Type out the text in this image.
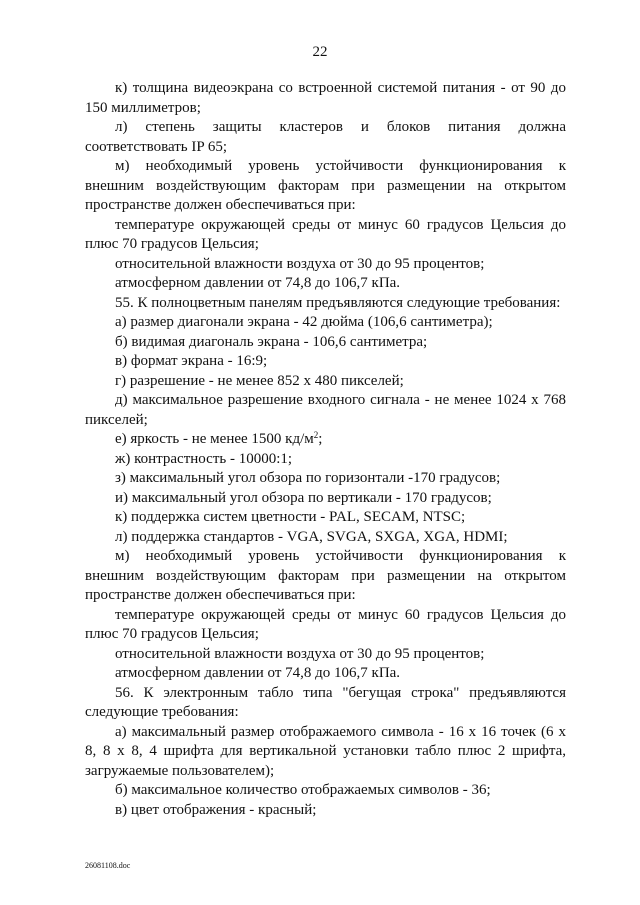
22

к) толщина видеоэкрана со встроенной системой питания - от 90 до 150 миллиметров;

л) степень защиты кластеров и блоков питания должна соответствовать IP 65;

м) необходимый уровень устойчивости функционирования к внешним воздействующим факторам при размещении на открытом пространстве должен обеспечиваться при:

температуре окружающей среды от минус 60 градусов Цельсия до плюс 70 градусов Цельсия;

относительной влажности воздуха от 30 до 95 процентов;

атмосферном давлении от 74,8 до 106,7 кПа.

55. К полноцветным панелям предъявляются следующие требования:

а) размер диагонали экрана - 42 дюйма (106,6 сантиметра);

б) видимая диагональ экрана - 106,6 сантиметра;

в) формат экрана - 16:9;

г) разрешение - не менее 852 х 480 пикселей;

д) максимальное разрешение входного сигнала - не менее 1024 х 768 пикселей;

е) яркость - не менее 1500 $кд/м^2$;

ж) контрастность - 10000:1;

з) максимальный угол обзора по горизонтали -170 градусов;

и) максимальный угол обзора по вертикали - 170 градусов;

к) поддержка систем цветности - PAL, SECAM, NTSC;

л) поддержка стандартов - VGA, SVGA, SXGA, XGA, HDMI;

м) необходимый уровень устойчивости функционирования к внешним воздействующим факторам при размещении на открытом пространстве должен обеспечиваться при:

температуре окружающей среды от минус 60 градусов Цельсия до плюс 70 градусов Цельсия;

относительной влажности воздуха от 30 до 95 процентов;

атмосферном давлении от 74,8 до 106,7 кПа.

56. К электронным табло типа "бегущая строка" предъявляются следующие требования:

а) максимальный размер отображаемого символа - 16 х 16 точек (6 х 8, 8 х 8, 4 шрифта для вертикальной установки табло плюс 2 шрифта, загружаемые пользователем);

б) максимальное количество отображаемых символов - 36;

в) цвет отображения - красный;

26081108.doc
